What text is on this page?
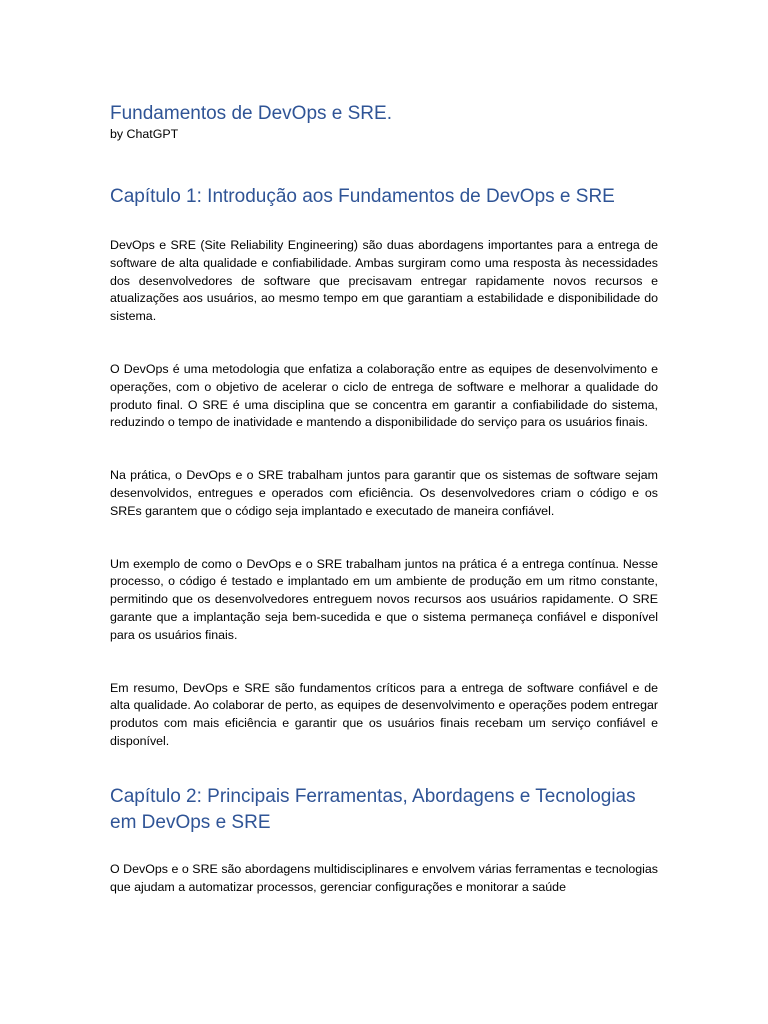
Fundamentos de DevOps e SRE.

by ChatGPT

Capítulo 1: Introdução aos Fundamentos de DevOps e SRE

DevOps e SRE (Site Reliability Engineering) são duas abordagens importantes para a entrega de software de alta qualidade e confiabilidade. Ambas surgiram como uma resposta às necessidades dos desenvolvedores de software que precisavam entregar rapidamente novos recursos e atualizações aos usuários, ao mesmo tempo em que garantiam a estabilidade e disponibilidade do sistema.

O DevOps é uma metodologia que enfatiza a colaboração entre as equipes de desenvolvimento e operações, com o objetivo de acelerar o ciclo de entrega de software e melhorar a qualidade do produto final. O SRE é uma disciplina que se concentra em garantir a confiabilidade do sistema, reduzindo o tempo de inatividade e mantendo a disponibilidade do serviço para os usuários finais.

Na prática, o DevOps e o SRE trabalham juntos para garantir que os sistemas de software sejam desenvolvidos, entregues e operados com eficiência. Os desenvolvedores criam o código e os SREs garantem que o código seja implantado e executado de maneira confiável.

Um exemplo de como o DevOps e o SRE trabalham juntos na prática é a entrega contínua. Nesse processo, o código é testado e implantado em um ambiente de produção em um ritmo constante, permitindo que os desenvolvedores entreguem novos recursos aos usuários rapidamente. O SRE garante que a implantação seja bem-sucedida e que o sistema permaneça confiável e disponível para os usuários finais.

Em resumo, DevOps e SRE são fundamentos críticos para a entrega de software confiável e de alta qualidade. Ao colaborar de perto, as equipes de desenvolvimento e operações podem entregar produtos com mais eficiência e garantir que os usuários finais recebam um serviço confiável e disponível.

Capítulo 2: Principais Ferramentas, Abordagens e Tecnologias em DevOps e SRE

O DevOps e o SRE são abordagens multidisciplinares e envolvem várias ferramentas e tecnologias que ajudam a automatizar processos, gerenciar configurações e monitorar a saúde
